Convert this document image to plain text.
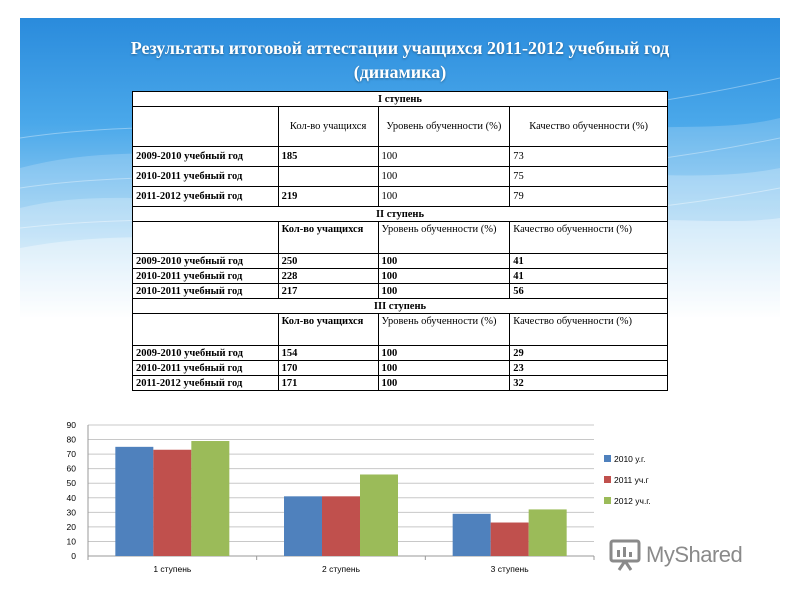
Результаты итоговой аттестации учащихся 2011-2012 учебный год
(динамика)
I ступень			
	Кол-во учащихся	Уровень обученности (%)	Качество обученности (%)
2009-2010 учебный год	185	100	73
2010-2011 учебный год		100	75
2011-2012 учебный год	219	100	79
II ступень			
	Кол-во учащихся	Уровень обученности (%)	Качество обученности (%)
2009-2010 учебный год	250	100	41
2010-2011 учебный год	228	100	41
2010-2011 учебный год	217	100	56
III ступень			
	Кол-во учащихся	Уровень обученности (%)	Качество обученности (%)
2009-2010 учебный год	154	100	29
2010-2011 учебный год	170	100	23
2011-2012 учебный год	171	100	32
0
10
20
30
40
50
60
70
80
90
1 ступень	2 ступень	3 ступень
2010 у.г.
2011 уч.г
2012 уч.г.
MyShared
